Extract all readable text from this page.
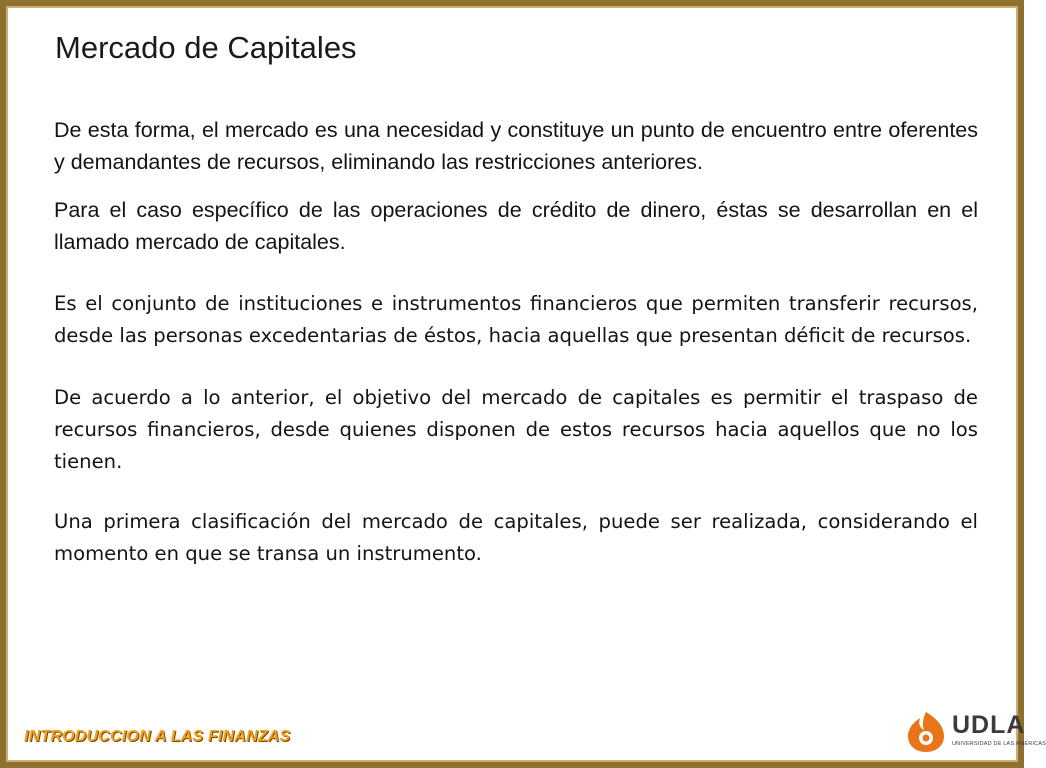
Mercado de Capitales

De esta forma, el mercado es una necesidad y constituye un punto de encuentro entre oferentes y demandantes de recursos, eliminando las restricciones anteriores.

Para el caso específico de las operaciones de crédito de dinero, éstas se desarrollan en el llamado mercado de capitales.

Es el conjunto de instituciones e instrumentos financieros que permiten transferir recursos, desde las personas excedentarias de éstos, hacia aquellas que presentan déficit de recursos.

De acuerdo a lo anterior, el objetivo del mercado de capitales es permitir el traspaso de recursos financieros, desde quienes disponen de estos recursos hacia aquellos que no los tienen.

Una primera clasificación del mercado de capitales, puede ser realizada, considerando el momento en que se transa un instrumento.

INTRODUCCION A LAS FINANZAS	UDLA
UNIVERSIDAD DE LAS AMÉRICAS
